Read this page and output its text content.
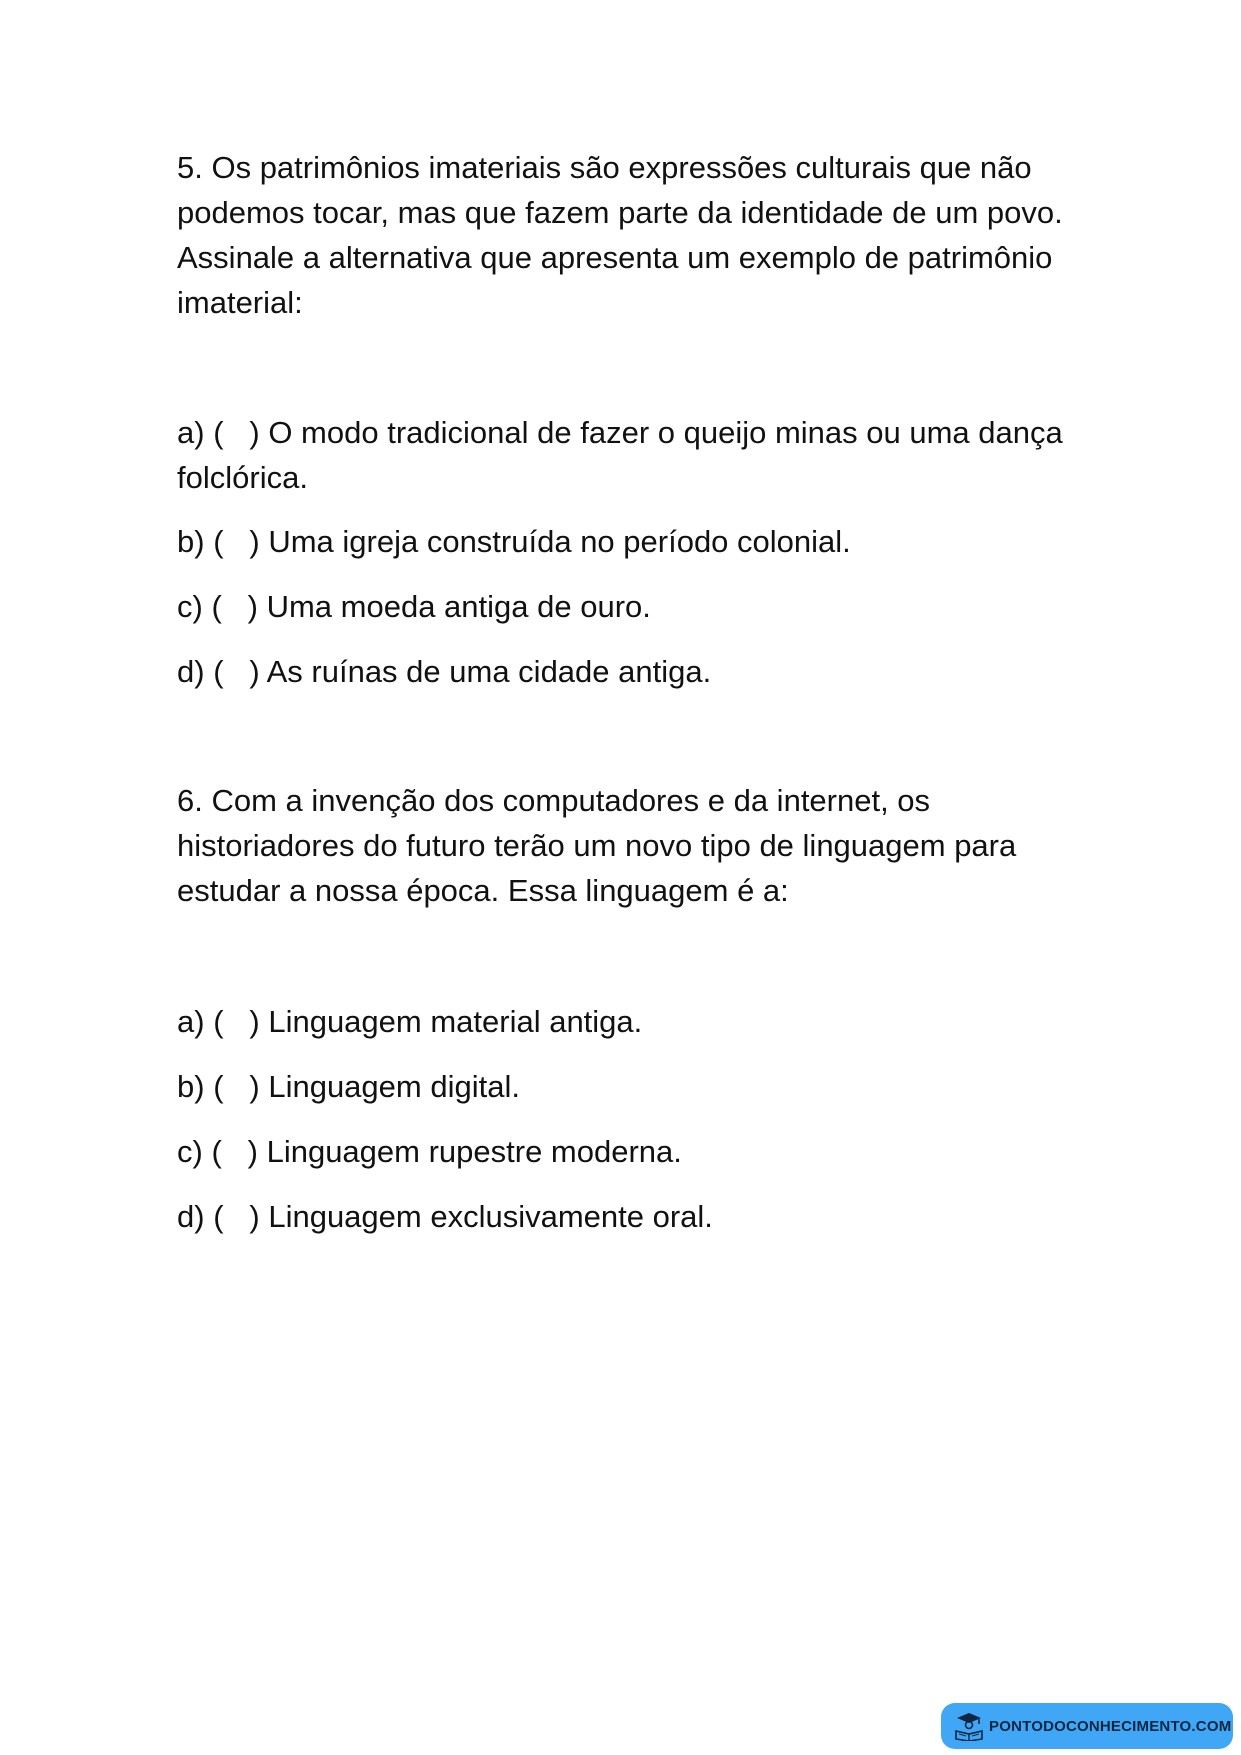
5. Os patrimônios imateriais são expressões culturais que não podemos tocar, mas que fazem parte da identidade de um povo. Assinale a alternativa que apresenta um exemplo de patrimônio imaterial:

a) (   ) O modo tradicional de fazer o queijo minas ou uma dança folclórica.

b) (   ) Uma igreja construída no período colonial.

c) (   ) Uma moeda antiga de ouro.

d) (   ) As ruínas de uma cidade antiga.

6. Com a invenção dos computadores e da internet, os historiadores do futuro terão um novo tipo de linguagem para estudar a nossa época. Essa linguagem é a:

a) (   ) Linguagem material antiga.

b) (   ) Linguagem digital.

c) (   ) Linguagem rupestre moderna.

d) (   ) Linguagem exclusivamente oral.

PONTODOCONHECIMENTO.COM
